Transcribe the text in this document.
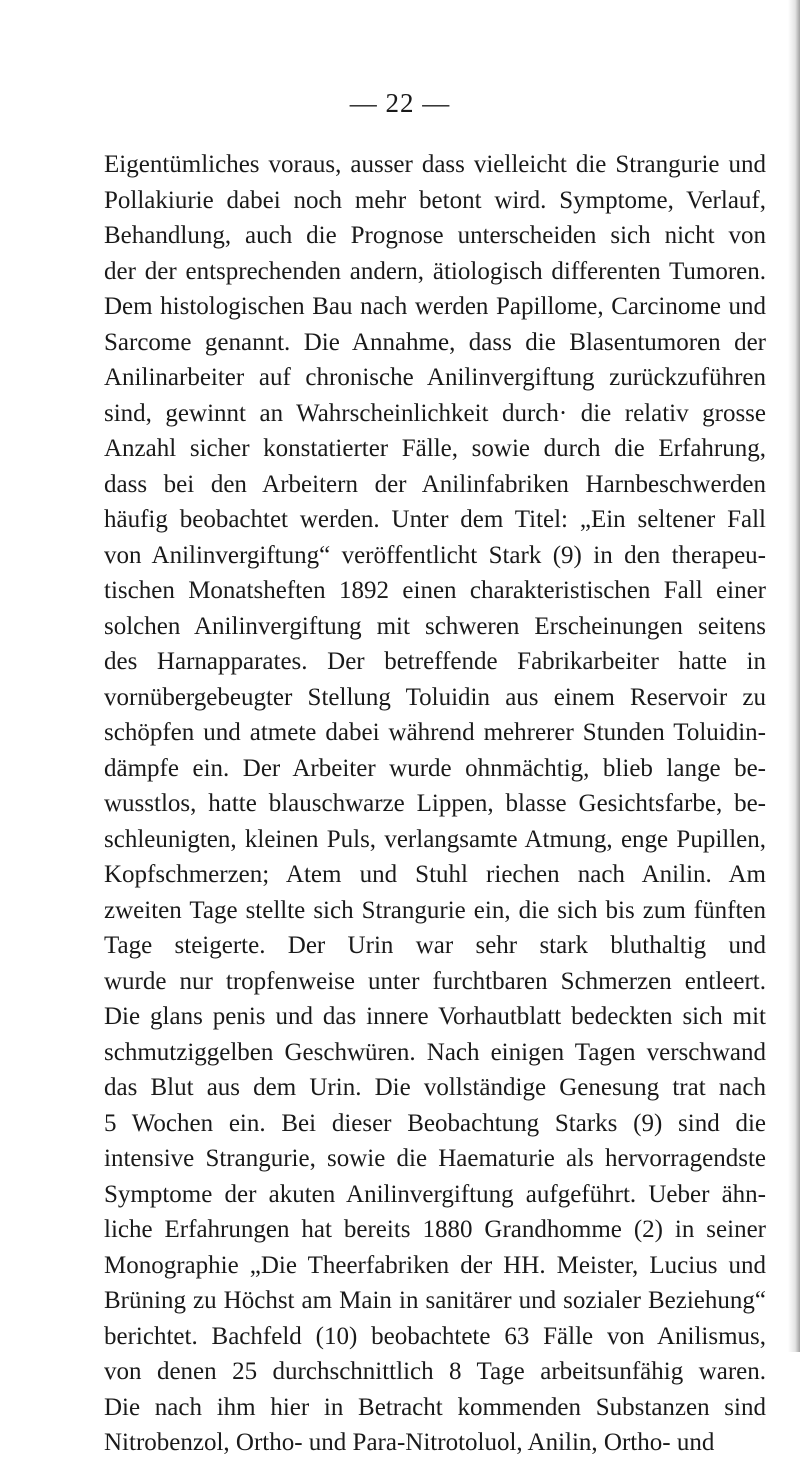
— 22 —
Eigentümliches voraus, ausser dass vielleicht die Strangurie und
Pollakiurie dabei noch mehr betont wird. Symptome, Verlauf,
Behandlung, auch die Prognose unterscheiden sich nicht von
der der entsprechenden andern, ätiologisch differenten Tumoren.
Dem histologischen Bau nach werden Papillome, Carcinome und
Sarcome genannt. Die Annahme, dass die Blasentumoren der
Anilinarbeiter auf chronische Anilinvergiftung zurückzuführen
sind, gewinnt an Wahrscheinlichkeit durch· die relativ grosse
Anzahl sicher konstatierter Fälle, sowie durch die Erfahrung,
dass bei den Arbeitern der Anilinfabriken Harnbeschwerden
häufig beobachtet werden. Unter dem Titel: „Ein seltener Fall
von Anilinvergiftung“ veröffentlicht Stark (9) in den therapeu-
tischen Monatsheften 1892 einen charakteristischen Fall einer
solchen Anilinvergiftung mit schweren Erscheinungen seitens
des Harnapparates. Der betreffende Fabrikarbeiter hatte in
vornübergebeugter Stellung Toluidin aus einem Reservoir zu
schöpfen und atmete dabei während mehrerer Stunden Toluidin-
dämpfe ein. Der Arbeiter wurde ohnmächtig, blieb lange be-
wusstlos, hatte blauschwarze Lippen, blasse Gesichtsfarbe, be-
schleunigten, kleinen Puls, verlangsamte Atmung, enge Pupillen,
Kopfschmerzen; Atem und Stuhl riechen nach Anilin. Am
zweiten Tage stellte sich Strangurie ein, die sich bis zum fünften
Tage steigerte. Der Urin war sehr stark bluthaltig und
wurde nur tropfenweise unter furchtbaren Schmerzen entleert.
Die glans penis und das innere Vorhautblatt bedeckten sich mit
schmutziggelben Geschwüren. Nach einigen Tagen verschwand
das Blut aus dem Urin. Die vollständige Genesung trat nach
5 Wochen ein. Bei dieser Beobachtung Starks (9) sind die
intensive Strangurie, sowie die Haematurie als hervorragendste
Symptome der akuten Anilinvergiftung aufgeführt. Ueber ähn-
liche Erfahrungen hat bereits 1880 Grandhomme (2) in seiner
Monographie „Die Theerfabriken der HH. Meister, Lucius und
Brüning zu Höchst am Main in sanitärer und sozialer Beziehung“
berichtet. Bachfeld (10) beobachtete 63 Fälle von Anilismus,
von denen 25 durchschnittlich 8 Tage arbeitsunfähig waren.
Die nach ihm hier in Betracht kommenden Substanzen sind
Nitrobenzol, Ortho- und Para-Nitrotoluol, Anilin, Ortho- und
